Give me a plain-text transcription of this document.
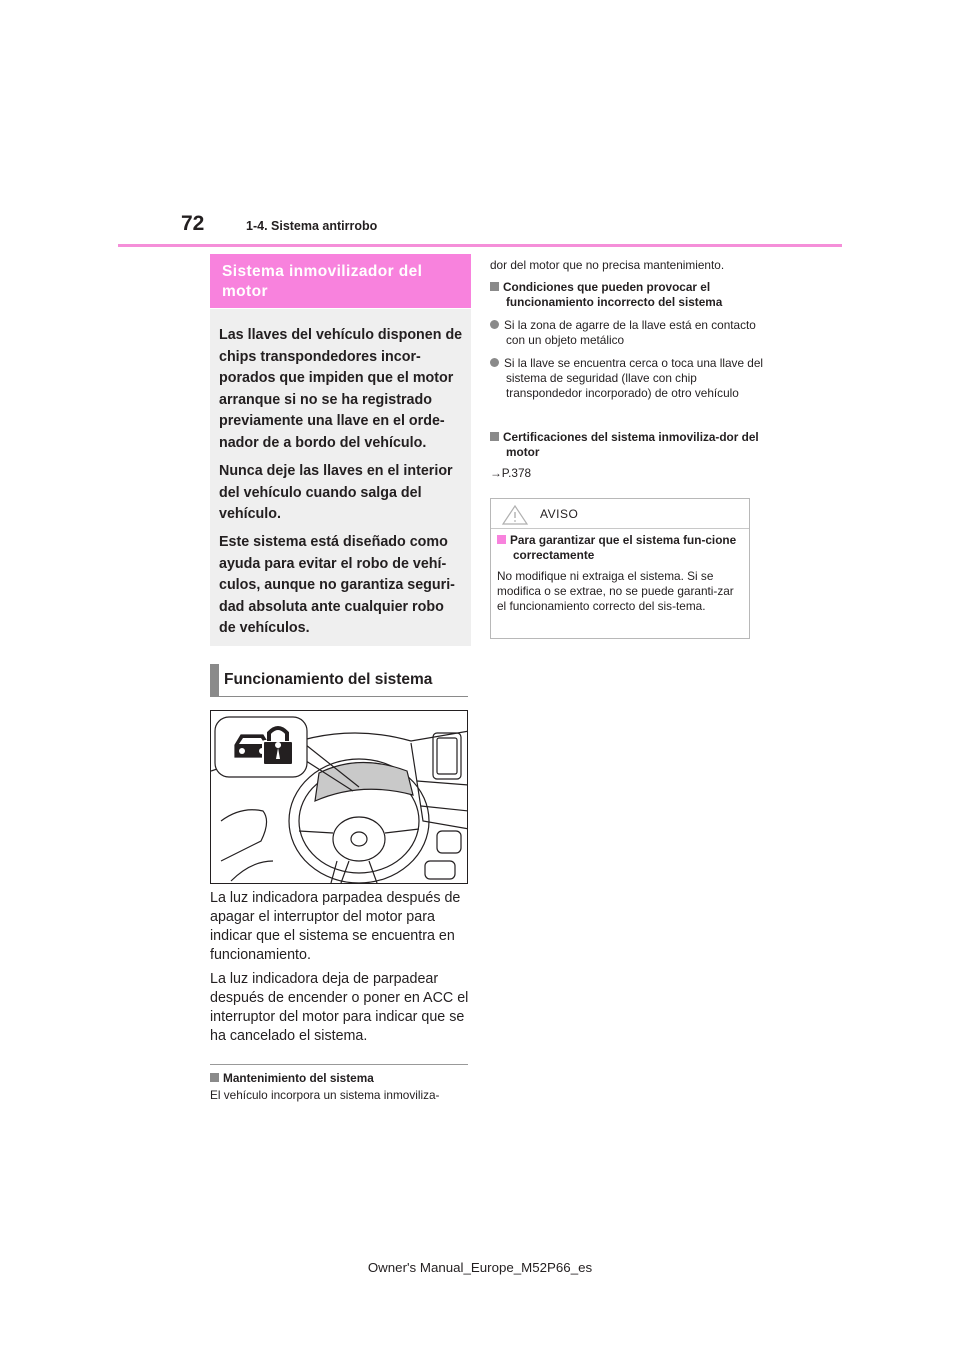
72	1-4. Sistema antirrobo
Sistema inmovilizador del motor
Las llaves del vehículo disponen de chips transpondedores incor-porados que impiden que el motor arranque si no se ha registrado previamente una llave en el orde-nador de a bordo del vehículo.
Nunca deje las llaves en el interior del vehículo cuando salga del vehículo.
Este sistema está diseñado como ayuda para evitar el robo de vehí-culos, aunque no garantiza seguri-dad absoluta ante cualquier robo de vehículos.
Funcionamiento del sistema
La luz indicadora parpadea después de apagar el interruptor del motor para indicar que el sistema se encuentra en funcionamiento.
La luz indicadora deja de parpadear después de encender o poner en ACC el interruptor del motor para indicar que se ha cancelado el sistema.
Mantenimiento del sistema
El vehículo incorpora un sistema inmoviliza-
dor del motor que no precisa mantenimiento.
Condiciones que pueden provocar el funcionamiento incorrecto del sistema
Si la zona de agarre de la llave está en contacto con un objeto metálico
Si la llave se encuentra cerca o toca una llave del sistema de seguridad (llave con chip transpondedor incorporado) de otro vehículo
Certificaciones del sistema inmoviliza-dor del motor
→P.378
AVISO
Para garantizar que el sistema fun-cione correctamente
No modifique ni extraiga el sistema. Si se modifica o se extrae, no se puede garanti-zar el funcionamiento correcto del sis-tema.
Owner's Manual_Europe_M52P66_es
